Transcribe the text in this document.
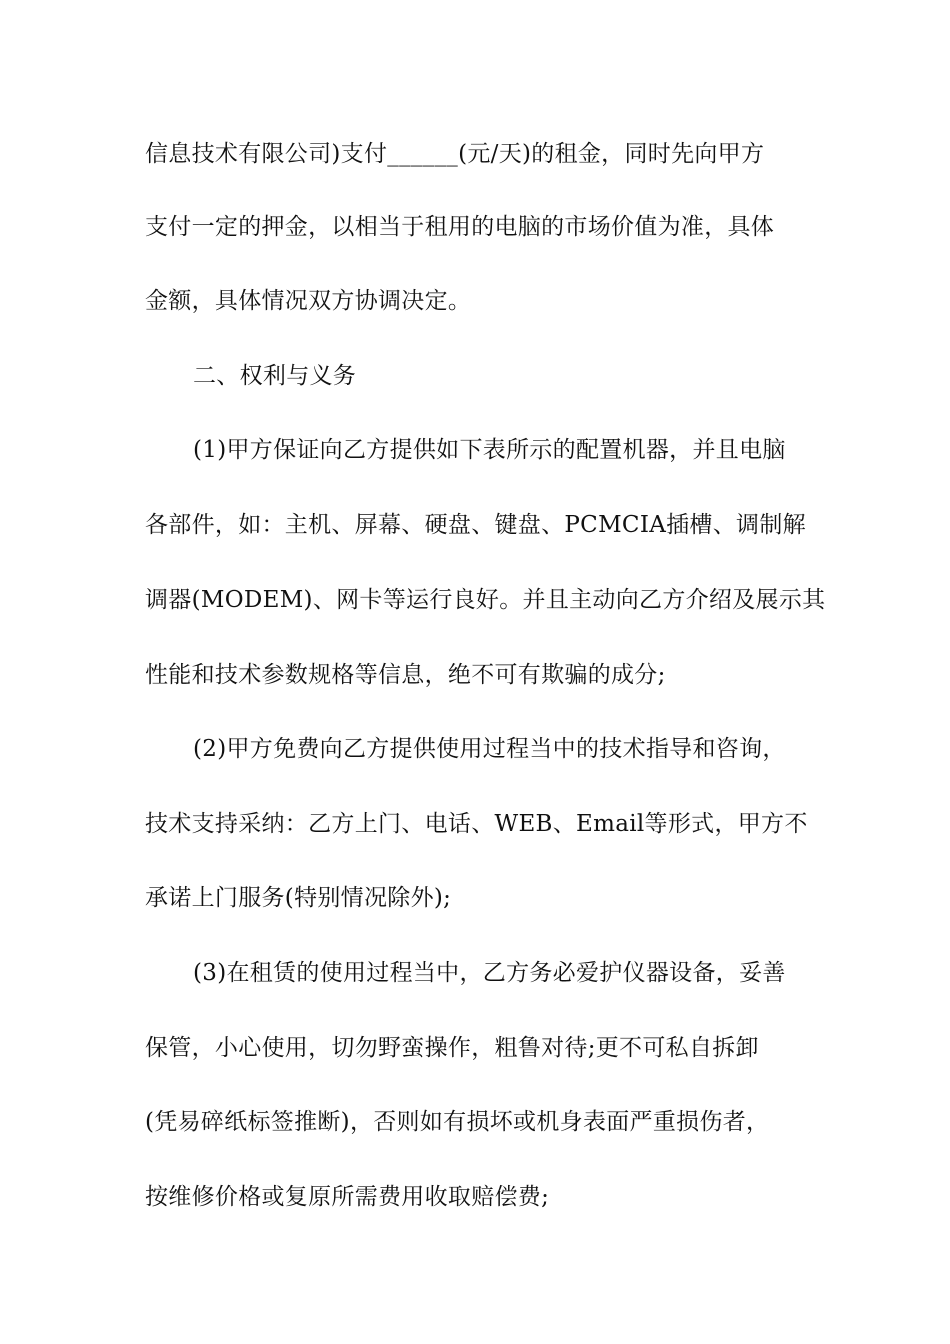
信息技术有限公司)支付______(元/天)的租金，同时先向甲方
支付一定的押金，以相当于租用的电脑的市场价值为准，具体
金额，具体情况双方协调决定。
二、权利与义务
(1)甲方保证向乙方提供如下表所示的配置机器，并且电脑
各部件，如：主机、屏幕、硬盘、键盘、PCMCIA插槽、调制解
调器(MODEM)、网卡等运行良好。并且主动向乙方介绍及展示其
性能和技术参数规格等信息，绝不可有欺骗的成分;
(2)甲方免费向乙方提供使用过程当中的技术指导和咨询，
技术支持采纳：乙方上门、电话、WEB、Email等形式，甲方不
承诺上门服务(特别情况除外);
(3)在租赁的使用过程当中，乙方务必爱护仪器设备，妥善
保管，小心使用，切勿野蛮操作，粗鲁对待;更不可私自拆卸
(凭易碎纸标签推断)，否则如有损坏或机身表面严重损伤者，
按维修价格或复原所需费用收取赔偿费;
